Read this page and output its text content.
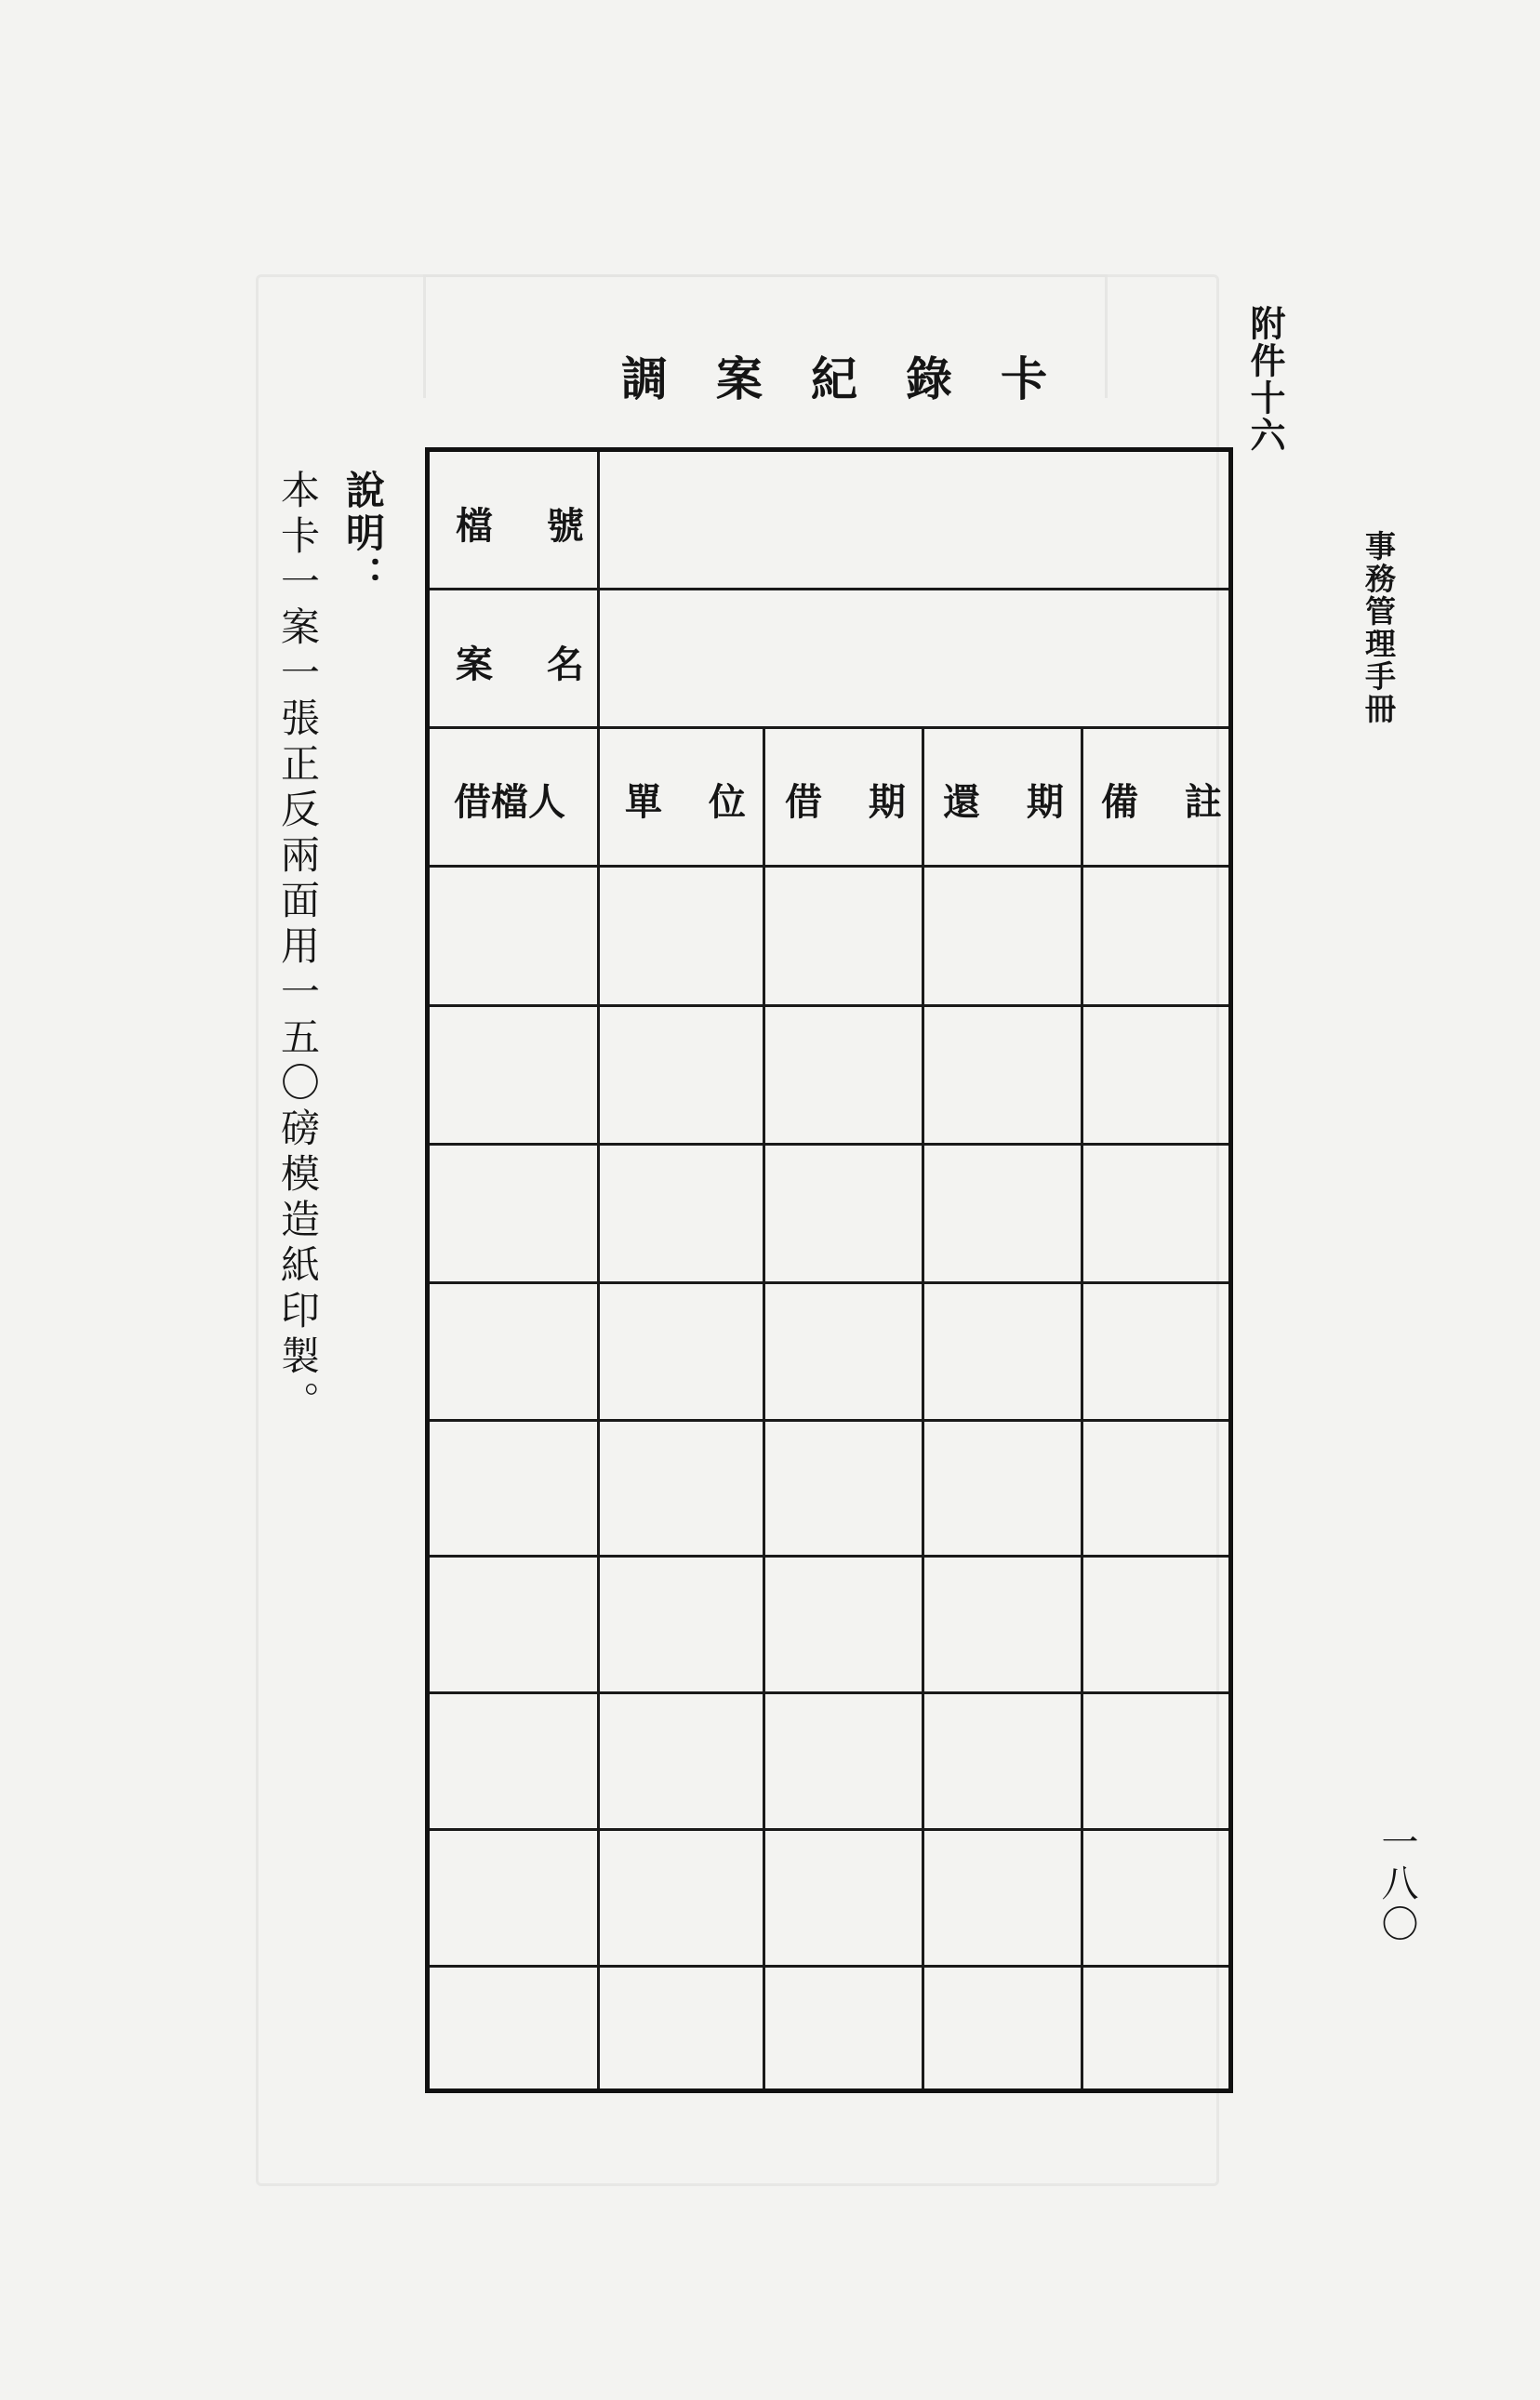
附件十六
事務管理手冊
一八〇
調案紀錄卡
檔 號
案 名
借檔人 單 位 借 期 還 期 備 註
說明：
本卡一案一張正反兩面用一五〇磅模造紙印製。
